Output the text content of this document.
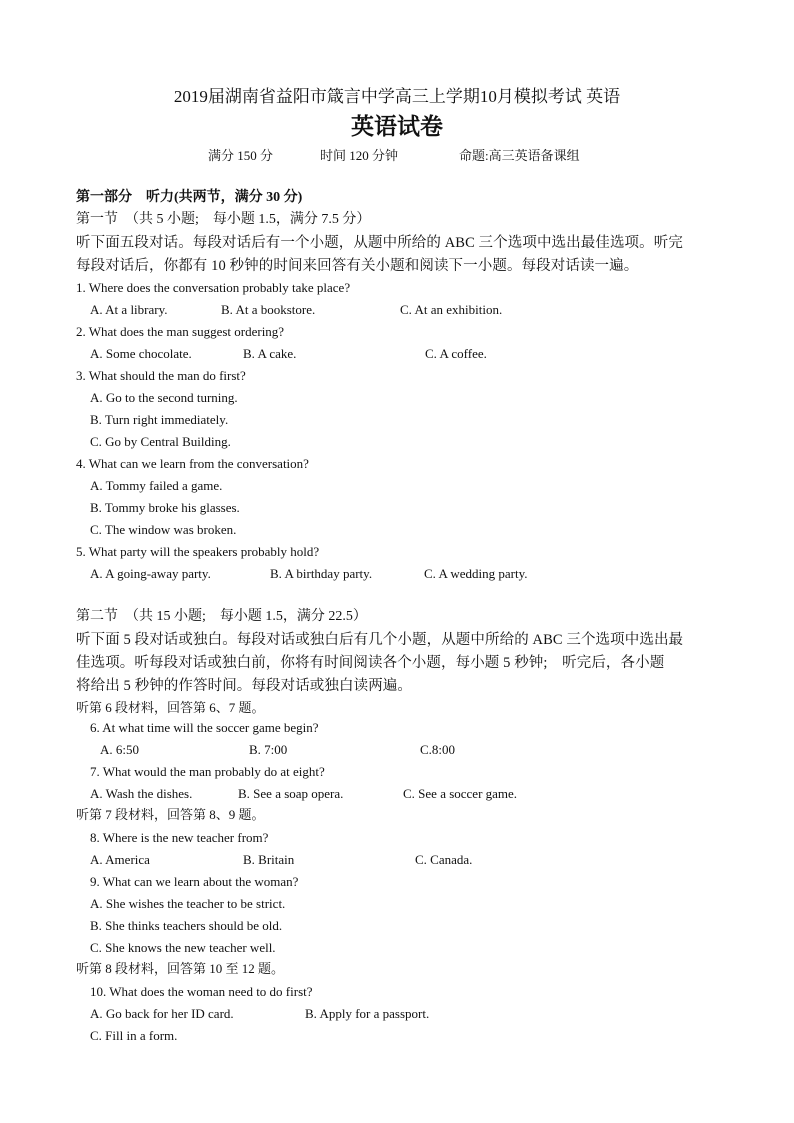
2019届湖南省益阳市箴言中学高三上学期10月模拟考试 英语
英语试卷
满分 150 分	时间 120 分钟	命题:高三英语备课组
第一部分　听力(共两节，满分 30 分)
第一节　（共 5 小题;　每小题 1.5，满分 7.5 分）
听下面五段对话。每段对话后有一个小题，从题中所给的 ABC 三个选项中选出最佳选项。听完
每段对话后，你都有 10 秒钟的时间来回答有关小题和阅读下一小题。每段对话读一遍。
1. Where does the conversation probably take place?
A. At a library.	B. At a bookstore.	C. At an exhibition.
2. What does the man suggest ordering?
A. Some chocolate.	B. A cake.	C. A coffee.
3. What should the man do first?
A. Go to the second turning.
B. Turn right immediately.
C. Go by Central Building.
4. What can we learn from the conversation?
A. Tommy failed a game.
B. Tommy broke his glasses.
C. The window was broken.
5. What party will the speakers probably hold?
A. A going-away party.	B. A birthday party.	C. A wedding party.
第二节　（共 15 小题;　每小题 1.5，满分 22.5）
听下面 5 段对话或独白。每段对话或独白后有几个小题，从题中所给的 ABC 三个选项中选出最
佳选项。听每段对话或独白前，你将有时间阅读各个小题，每小题 5 秒钟;　听完后，各小题
将给出 5 秒钟的作答时间。每段对话或独白读两遍。
听第 6 段材料，回答第 6、7 题。
6. At what time will the soccer game begin?
A. 6:50	B. 7:00	C.8:00
7. What would the man probably do at eight?
A. Wash the dishes.	B. See a soap opera.	C. See a soccer game.
听第 7 段材料，回答第 8、9 题。
8. Where is the new teacher from?
A. America	B. Britain	C. Canada.
9. What can we learn about the woman?
A. She wishes the teacher to be strict.
B. She thinks teachers should be old.
C. She knows the new teacher well.
听第 8 段材料，回答第 10 至 12 题。
10. What does the woman need to do first?
A. Go back for her ID card.	B. Apply for a passport.
C. Fill in a form.
